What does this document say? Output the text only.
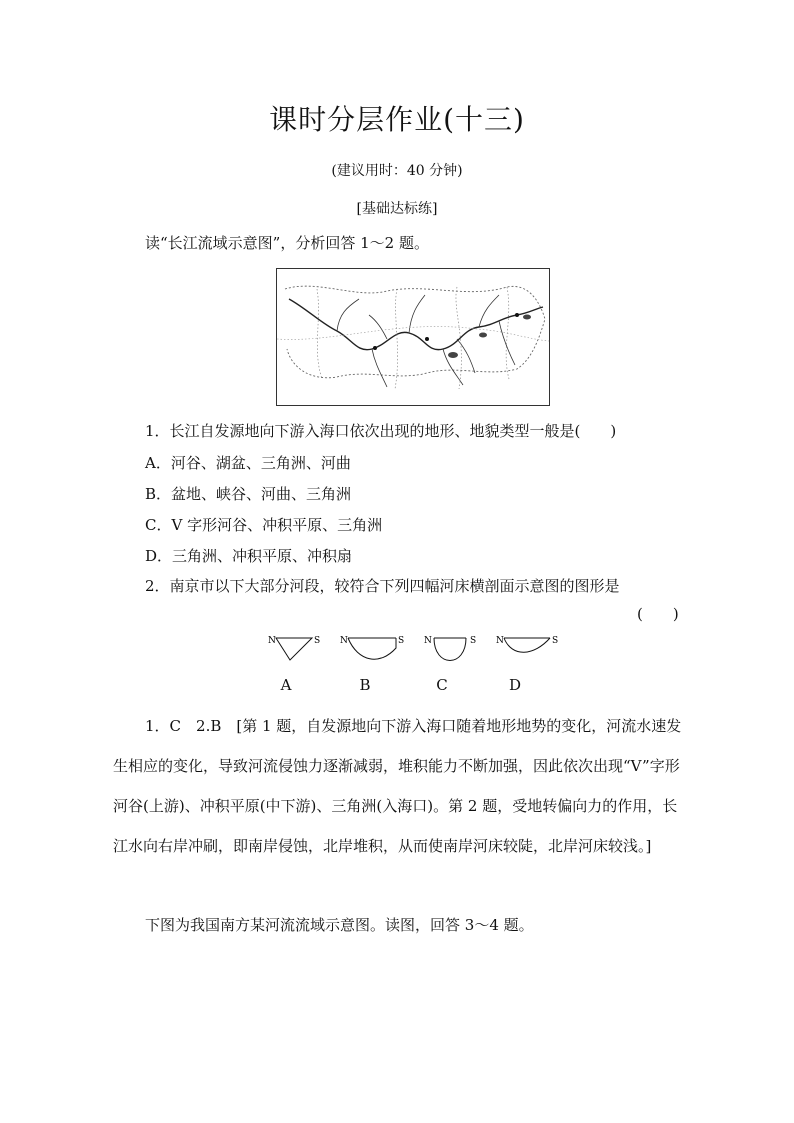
课时分层作业(十三)
(建议用时：40 分钟)
[基础达标练]
读“长江流域示意图”，分析回答 1～2 题。
1．长江自发源地向下游入海口依次出现的地形、地貌类型一般是(　　)
A．河谷、湖盆、三角洲、河曲
B．盆地、峡谷、河曲、三角洲
C．V 字形河谷、冲积平原、三角洲
D．三角洲、冲积平原、冲积扇
2．南京市以下大部分河段，较符合下列四幅河床横剖面示意图的图形是
(　　)
N	S N	S N	S N	S
A	B	C	D
1．C　2.B　[第 1 题，自发源地向下游入海口随着地形地势的变化，河流水速发生相应的变化，导致河流侵蚀力逐渐减弱，堆积能力不断加强，因此依次出现“V”字形河谷(上游)、冲积平原(中下游)、三角洲(入海口)。第 2 题，受地转偏向力的作用，长江水向右岸冲刷，即南岸侵蚀，北岸堆积，从而使南岸河床较陡，北岸河床较浅。]
下图为我国南方某河流流域示意图。读图，回答 3～4 题。
